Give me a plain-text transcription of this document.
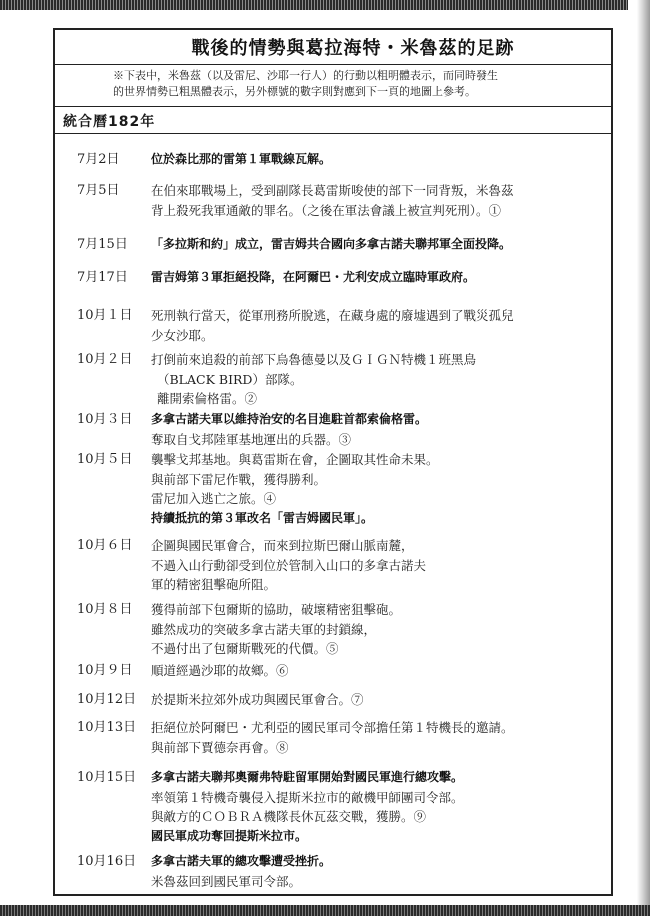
戰後的情勢與葛拉海特・米魯茲的足跡
※下表中，米魯茲（以及雷尼、沙耶一行人）的行動以粗明體表示，而同時發生
的世界情勢已粗黑體表示，另外標號的數字則對應到下一頁的地圖上參考。
統合曆182年
7月2日	位於森比那的雷第１軍戰線瓦解。
7月5日	在伯來耶戰場上，受到副隊長葛雷斯唆使的部下一同背叛，米魯茲
背上殺死我軍通敵的罪名。（之後在軍法會議上被宣判死刑）。①
7月15日	「多拉斯和約」成立，雷吉姆共合國向多拿古諾夫聯邦軍全面投降。
7月17日	雷吉姆第３軍拒絕投降，在阿爾巴・尤利安成立臨時軍政府。
10月１日	死刑執行當天，從軍刑務所脫逃，在藏身處的廢墟遇到了戰災孤兒
少女沙耶。
10月２日	打倒前來追殺的前部下烏魯德曼以及ＧＩＧＮ特機１班黑鳥
（BLACK BIRD）部隊。
離開索倫格雷。②
10月３日	多拿古諾夫軍以維持治安的名目進駐首都索倫格雷。
奪取自戈邦陸軍基地運出的兵器。③
10月５日	襲擊戈邦基地。與葛雷斯在會，企圖取其性命未果。
與前部下雷尼作戰，獲得勝利。
雷尼加入逃亡之旅。④
持續抵抗的第３軍改名「雷吉姆國民軍」。
10月６日	企圖與國民軍會合，而來到拉斯巴爾山脈南麓，
不過入山行動卻受到位於管制入山口的多拿古諾夫
軍的精密狙擊砲所阻。
10月８日	獲得前部下包爾斯的協助，破壞精密狙擊砲。
雖然成功的突破多拿古諾夫軍的封鎖線，
不過付出了包爾斯戰死的代價。⑤
10月９日	順道經過沙耶的故鄉。⑥
10月12日	於提斯米拉郊外成功與國民軍會合。⑦
10月13日	拒絕位於阿爾巴・尤利亞的國民軍司令部擔任第１特機長的邀請。
與前部下賈德奈再會。⑧
10月15日	多拿古諾夫聯邦奧爾弗特駐留軍開始對國民軍進行總攻擊。
率領第１特機奇襲侵入提斯米拉市的敵機甲師團司令部。
與敵方的ＣＯＢＲＡ機隊長休瓦茲交戰，獲勝。⑨
國民軍成功奪回提斯米拉市。
10月16日	多拿古諾夫軍的總攻擊遭受挫折。
米魯茲回到國民軍司令部。
